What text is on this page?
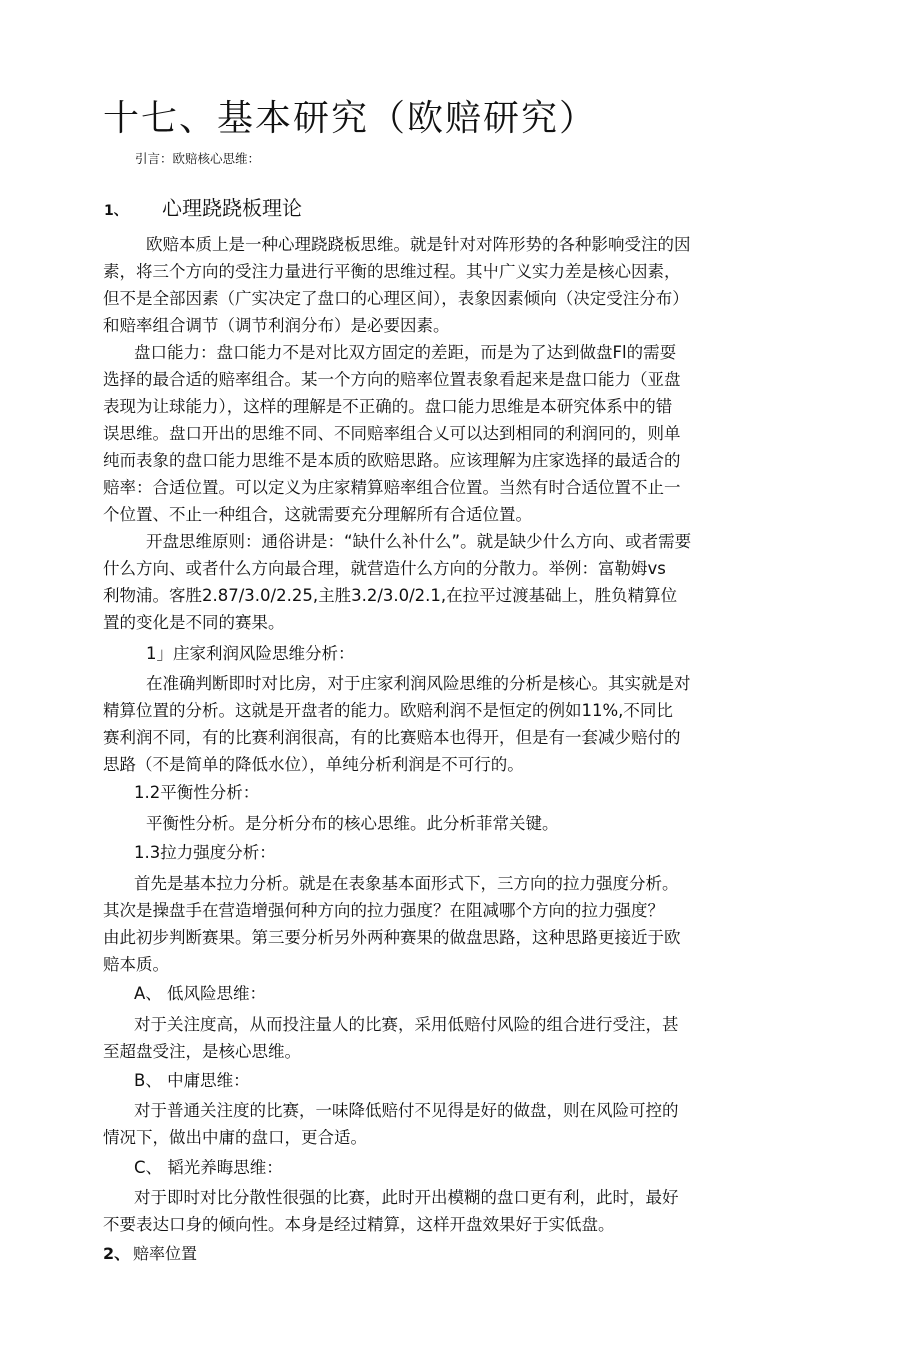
十七、基本研究（欧赔研究）
引言：欧赔核心思维：
1、 心理跷跷板理论
欧赔本质上是一种心理跷跷板思维。就是针对对阵形势的各种影响受注的因
素，将三个方向的受注力量进行平衡的思维过程。其屮广义实力差是核心因素，
但不是全部因素（广实决定了盘口的心理区间），表象因素倾向（决定受注分布）
和赔率组合调节（调节利润分布）是必要因素。
盘口能力：盘口能力不是对比双方固定的差距，而是为了达到做盘Fl的需耍
选择的最合适的赔率组合。某一个方向的赔率位置表象看起来是盘口能力（亚盘
表现为让球能力），这样的理解是不正确的。盘口能力思维是本研究体系中的错
误思维。盘口开出的思维不同、不同赔率组合乂可以达到相同的利润冋的，则单
纯而表象的盘口能力思维不是本质的欧赔思路。应该理解为庄家选择的最适合的
赔率：合适位置。可以定义为庄家精算赔率组合位置。当然有时合适位置不止一
个位置、不止一种组合，这就需要充分理解所有合适位置。
开盘思维原则：通俗讲是：“缺什么补什么”。就是缺少什么方向、或者需要
什么方向、或者什么方向最合理，就营造什么方向的分散力。举例：富勒姆vs
利物浦。客胜2.87/3.0/2.25,主胜3.2/3.0/2.1,在拉平过渡基础上，胜负精算位
置的变化是不同的赛果。
1」庄家利润风险思维分析：
在准确判断即时对比房，对于庄家利润风险思维的分析是核心。其实就是对
精算位置的分析。这就是开盘者的能力。欧赔利润不是恒定的例如11%,不同比
赛利润不同，有的比赛利润很高，有的比赛赔本也得开，但是有一套减少赔付的
思路（不是简单的降低水位），单纯分析利润是不可行的。
1.2平衡性分析：
平衡性分析。是分析分布的核心思维。此分析菲常关键。
1.3拉力强度分析：
首先是基本拉力分析。就是在表象基本面形式下，三方向的拉力强度分析。
其次是操盘手在营造增强何种方向的拉力强度？在阻减哪个方向的拉力强度？
由此初步判断赛果。第三要分析另外两种赛果的做盘思路，这种思路更接近于欧
赔本质。
A、 低风险思维：
对于关注度高，从而投注量人的比赛，采用低赔付风险的组合进行受注，甚
至超盘受注，是核心思维。
B、 中庸思维：
对于普通关注度的比赛，一味降低赔付不见得是好的做盘，则在风险可控的
情况下，做出中庸的盘口，更合适。
C、 韬光养晦思维：
对于即时对比分散性很强的比赛，此时开出模糊的盘口更有利，此时，最好
不要表达口身的倾向性。本身是经过精算，这样开盘效果好于实低盘。
2、 赔率位置
